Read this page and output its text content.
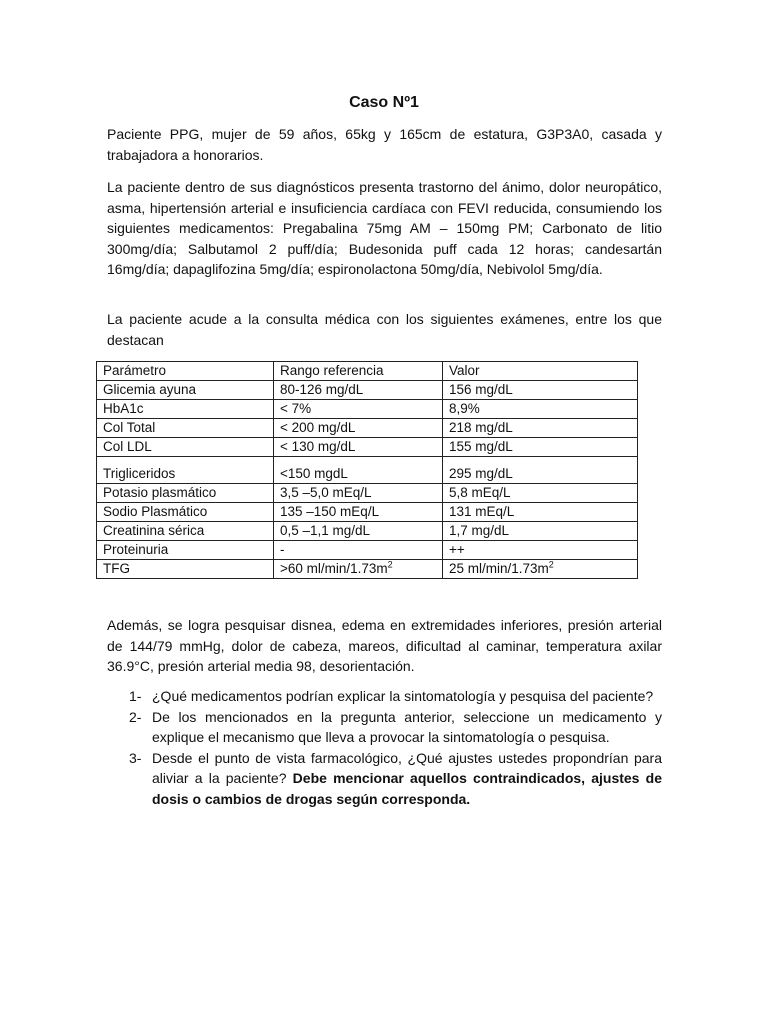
Caso Nº1

Paciente PPG, mujer de 59 años, 65kg y 165cm de estatura, G3P3A0, casada y trabajadora a honorarios.

La paciente dentro de sus diagnósticos presenta trastorno del ánimo, dolor neuropático, asma, hipertensión arterial e insuficiencia cardíaca con FEVI reducida, consumiendo los siguientes medicamentos: Pregabalina 75mg AM – 150mg PM; Carbonato de litio 300mg/día; Salbutamol 2 puff/día; Budesonida puff cada 12 horas; candesartán 16mg/día; dapaglifozina 5mg/día; espironolactona 50mg/día, Nebivolol 5mg/día.

La paciente acude a la consulta médica con los siguientes exámenes, entre los que destacan

Parámetro	Rango referencia	Valor
Glicemia ayuna	80-126 mg/dL	156 mg/dL
HbA1c	< 7%	8,9%
Col Total	< 200 mg/dL	218 mg/dL
Col LDL	< 130 mg/dL	155 mg/dL
Trigliceridos	<150 mgdL	295 mg/dL
Potasio plasmático	3,5 –5,0 mEq/L	5,8 mEq/L
Sodio Plasmático	135 –150 mEq/L	131 mEq/L
Creatinina sérica	0,5 –1,1 mg/dL	1,7 mg/dL
Proteinuria	-	++
TFG	>60 $ml/\min/1.73m^2$	25 $ml/\min/1.73m^2$

Además, se logra pesquisar disnea, edema en extremidades inferiores, presión arterial de 144/79 mmHg, dolor de cabeza, mareos, dificultad al caminar, temperatura axilar 36.9°C, presión arterial media 98, desorientación.

1- ¿Qué medicamentos podrían explicar la sintomatología y pesquisa del paciente?
2- De los mencionados en la pregunta anterior, seleccione un medicamento y explique el mecanismo que lleva a provocar la sintomatología o pesquisa.
3- Desde el punto de vista farmacológico, ¿Qué ajustes ustedes propondrían para aliviar a la paciente? Debe mencionar aquellos contraindicados, ajustes de dosis o cambios de drogas según corresponda.
